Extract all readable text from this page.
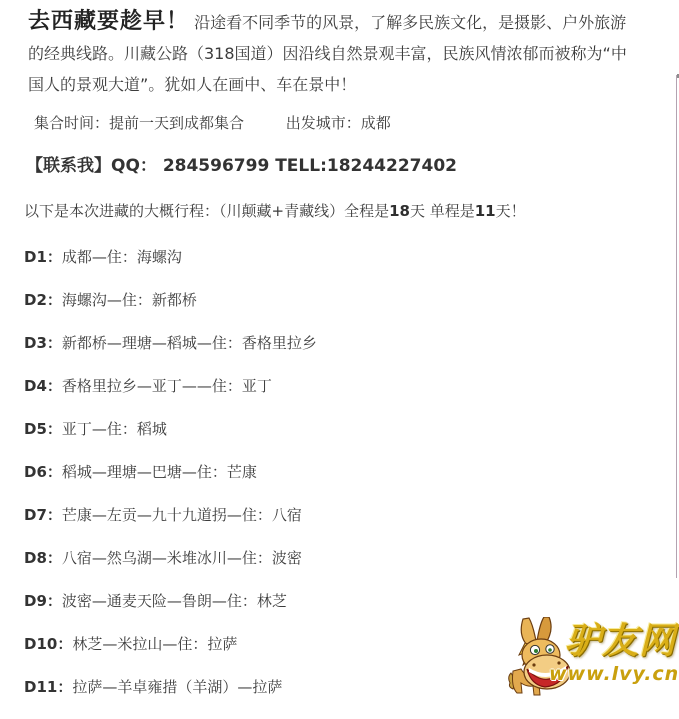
去西藏要趁早！ 沿途看不同季节的风景，了解多民族文化，是摄影、户外旅游的经典线路。川藏公路（318国道）因沿线自然景观丰富，民族风情浓郁而被称为“中国人的景观大道”。犹如人在画中、车在景中！
集合时间：提前一天到成都集合	出发城市：成都
【联系我】QQ： 284596799 TELL:18244227402
以下是本次进藏的大概行程：（川颠藏+青藏线）全程是18天 单程是11天！
D1：成都—住：海螺沟
D2：海螺沟—住：新都桥
D3：新都桥—理塘—稻城—住：香格里拉乡
D4：香格里拉乡—亚丁——住：亚丁
D5：亚丁—住：稻城
D6：稻城—理塘—巴塘—住：芒康
D7：芒康—左贡—九十九道拐—住：八宿
D8：八宿—然乌湖—米堆冰川—住：波密
D9：波密—通麦天险—鲁朗—住：林芝
D10：林芝—米拉山—住：拉萨
D11：拉萨—羊卓雍措（羊湖）—拉萨
驴友网
www.lvy.cn
